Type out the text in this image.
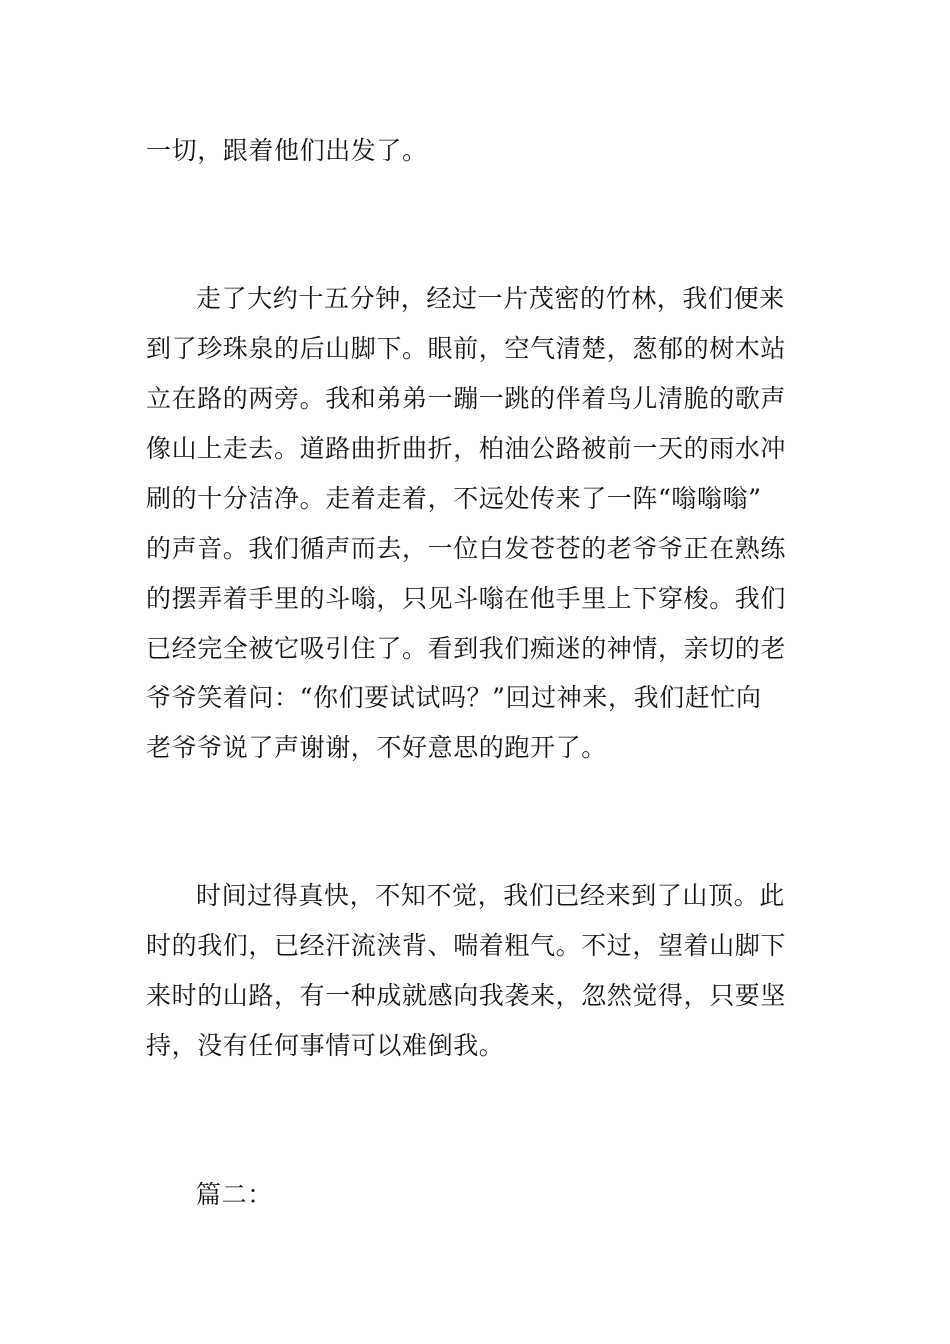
一切，跟着他们出发了。
走了大约十五分钟，经过一片茂密的竹林，我们便来
到了珍珠泉的后山脚下。眼前，空气清楚，葱郁的树木站
立在路的两旁。我和弟弟一蹦一跳的伴着鸟儿清脆的歌声
像山上走去。道路曲折曲折，柏油公路被前一天的雨水冲
刷的十分洁净。走着走着，不远处传来了一阵“嗡嗡嗡”
的声音。我们循声而去，一位白发苍苍的老爷爷正在熟练
的摆弄着手里的斗嗡，只见斗嗡在他手里上下穿梭。我们
已经完全被它吸引住了。看到我们痴迷的神情，亲切的老
爷爷笑着问：“你们要试试吗？”回过神来，我们赶忙向
老爷爷说了声谢谢，不好意思的跑开了。
时间过得真快，不知不觉，我们已经来到了山顶。此
时的我们，已经汗流浃背、喘着粗气。不过，望着山脚下
来时的山路，有一种成就感向我袭来，忽然觉得，只要坚
持，没有任何事情可以难倒我。
篇二：
